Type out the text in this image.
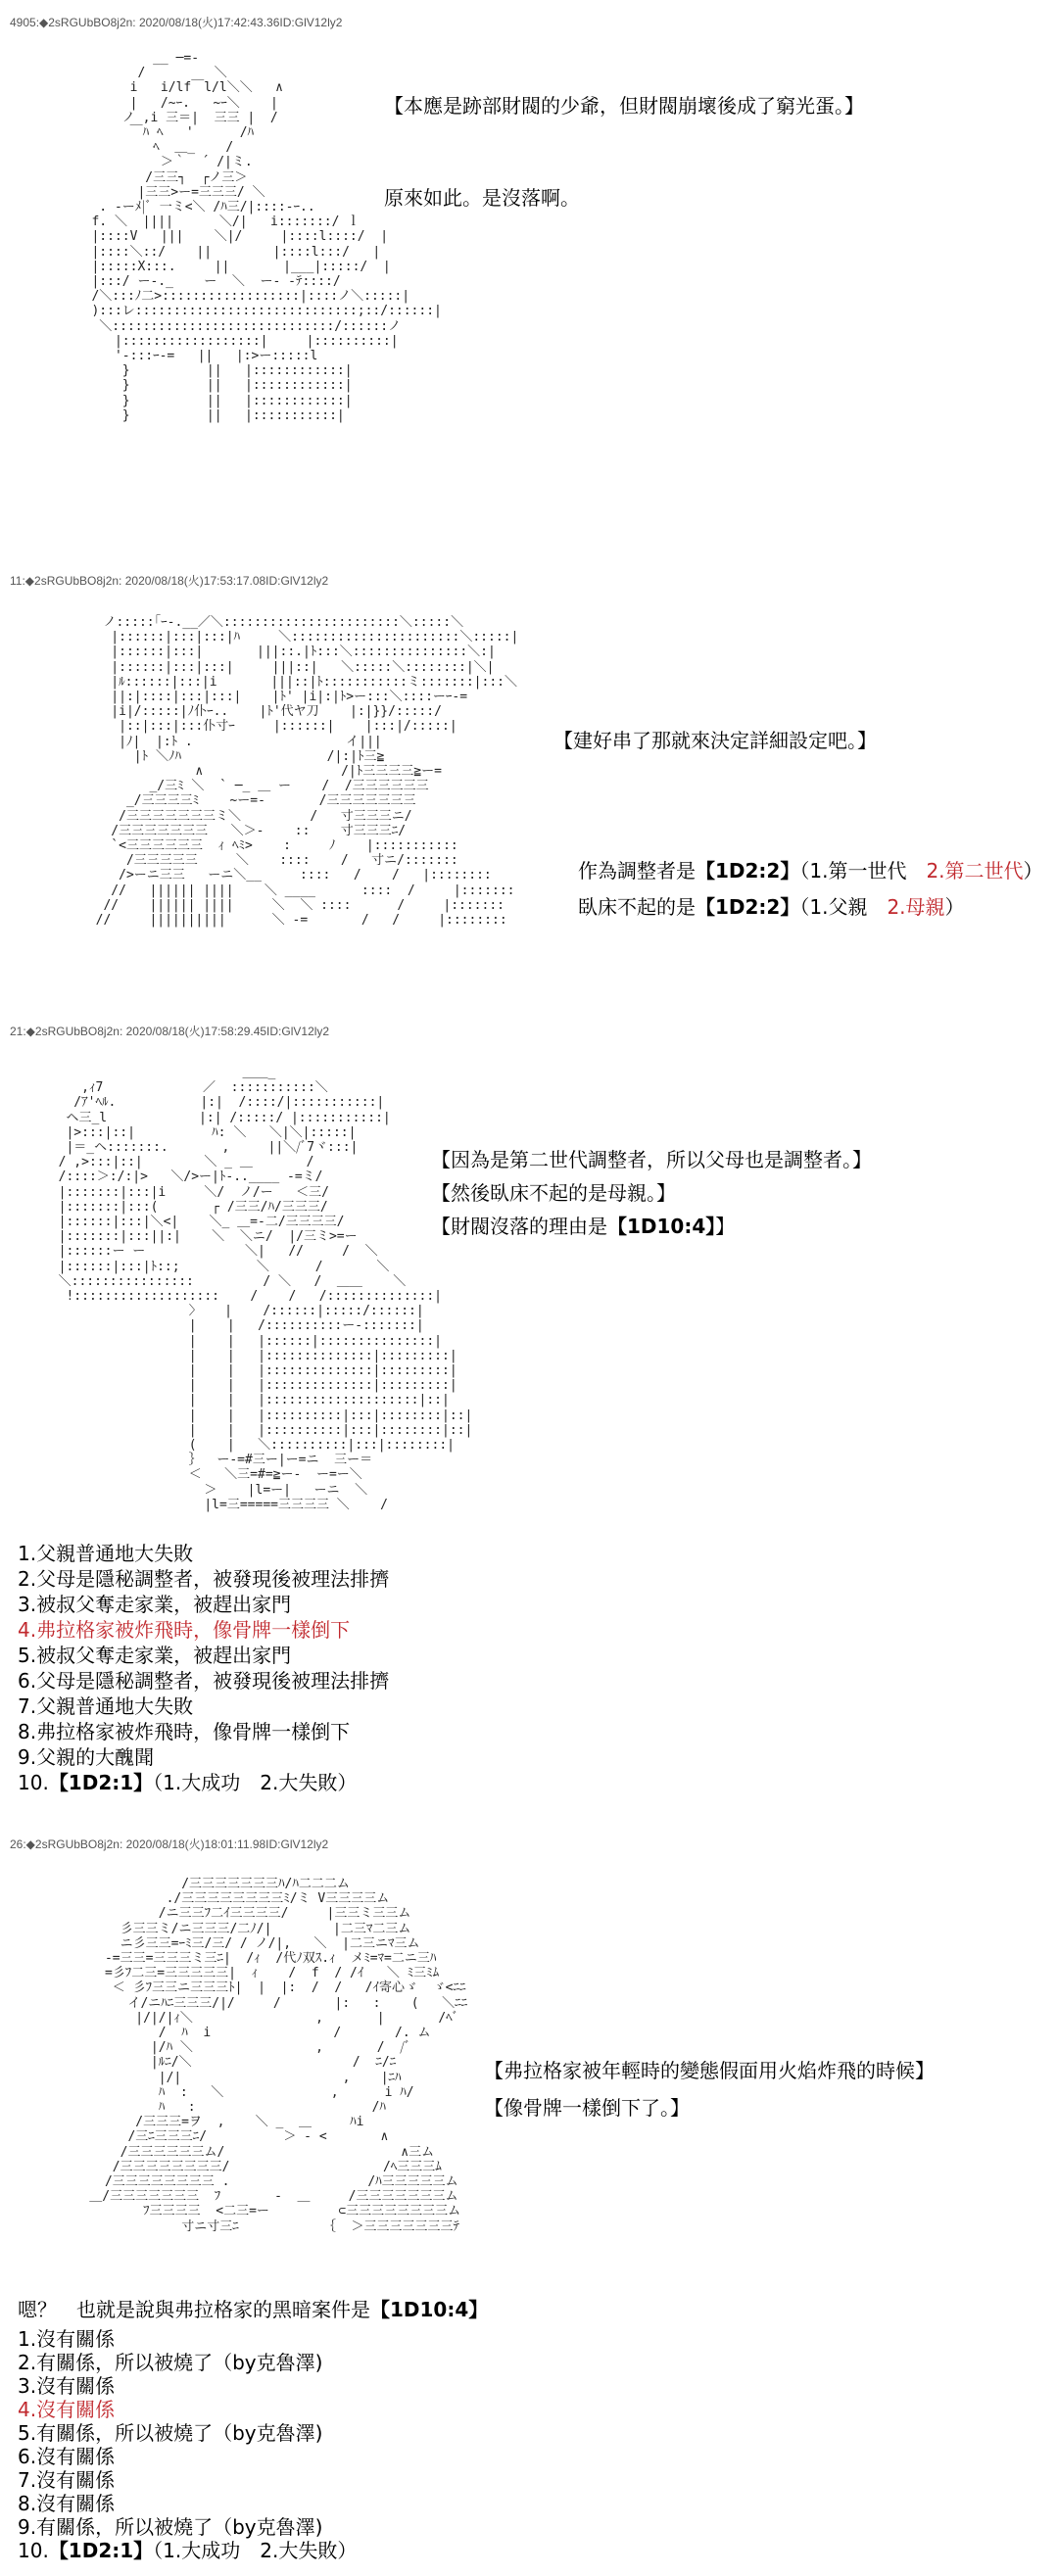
4905:◆2sRGUbBO8j2n: 2020/08/18(火)17:42:43.36ID:GlV12ly2
__ ─=-
/         ＼
i   i/lf￣l/l＼＼   ∧
|   /~ｰ.   ~ｰ＼    |
ノ ,i 三＝|  三三 |  /
￣ﾊ ﾍ   '      /ﾊ
ﾍ  ＿_    /
＞｀  ´ /|ミ.
/三三┐  ┌ノ三＞
|三三>ー=三三三/ ＼
. -ーﾒ|ﾞ 一ミ<＼ /ﾊ三/|::::-ｰ..
f. ＼  ||||      ＼/|   i:::::::/ ｌ
|::::V   |||    ＼|/     |::::l::::/  |
|::::＼::/    ||        |::::l:::/   |
|:::::X:::.     ||       |___|:::::/  |
|:::/ ー-._    ー  ＼  ー‐ -ﾃ::::/
/＼:::ﾉ二>::::::::::::::::::|::::ノ＼:::::|
):::レ:::::::::::::::::::::::::::::;::/::::::|
＼:::::::::::::::::::::::::::::/::::::ノ
|::::::::::::::::::|     |::::::::::|
'-:::ｰ-=   ||   |:>ー:::::l
}          ||   |::::::::::::|
}          ||   |::::::::::::|
}          ||   |::::::::::::|
}          ||   |:::::::::::|
【本應是跡部財閥的少爺，但財閥崩壞後成了窮光蛋。】
原來如此。是沒落啊。
11:◆2sRGUbBO8j2n: 2020/08/18(火)17:53:17.08ID:GlV12ly2
ノ:::::｢ｰ-.__／＼:::::::::::::::::::::::＼:::::＼
|::::::|:::|:::|ﾊ     ＼::::::::::::::::::::::＼:::::|
|::::::|:::|       |||::.|ﾄ:::＼:::::::::::::::＼:|
|::::::|:::|:::|     |||::|   ＼:::::＼::::::::|＼|
|ﾙ::::::|:::|i       |||::|ﾄ:::::::::::ミ:::::::|:::＼
||:|::::|:::|:::|    |ﾄ' |i|:|ﾄ>ー:::＼::::ーｰ-=
|i|/:::::|ﾉ仆ｰ..    |ﾄ'代ヤ刀    |:|}}/:::::/
|::|:::|:::仆寸ｰ     |::::::|    |:::|/:::::|
|ﾉ|  |:ﾄ .                    イ|||
|ﾄ ＼ﾉﾊ                   /|:|ﾄ三≧
∧                  /|ﾄ三三三三≧ー=
_/三ﾐ ＼  ` ─_ ＿ ー    /  /三三三三三三
_/三三三三ﾐ    ~ー=-       /三三三三三三三
/三三三三三三三ミ＼         /   寸三三三ニ/
/三三三三三三三   ＼＞-    ::    寸三三三ﾆ/
`<三三三三三三  ｨ ﾍﾐ>    :     ﾉ    |:::::::::::
/三三三三三     ＼    ::::    /   寸ニ/:::::::
/>ーニ三三   ーニ＼__     ::::   /    /   |::::::::
//   |||||| ||||    ＼ ____      ::::  /     |:::::::
//    |||||| ||||     ＼  ＼ ::::      /     |:::::::
//     ||||||||||      ＼ -=       /   /     |::::::::
【建好串了那就來決定詳細設定吧。】
作為調整者是【1D2:2】（1.第一世代　2.第二世代）
臥床不起的是【1D2:2】（1.父親　2.母親）
21:◆2sRGUbBO8j2n: 2020/08/18(火)17:58:29.45ID:GlV12ly2
＿＿_
,ｨ7             ／  :::::::::::＼
/ｱ'ﾍﾙ.           |:|  /::::/|:::::::::::|
ヘ三_l            |:| /:::::/ |:::::::::::|
|>:::|::|          ﾊ: ＼   ＼|＼|:::::|
|＝_ヘ:::::::.       ,     ||＼/ﾞ7ヾ:::|
/ ,>:::|::|        ＼ _ ＿       /
/::::＞:/:|>   ＼/>ー|ﾄ-..____ -=ミ/
|:::::::|:::|i     ＼/  ノ/ー   ＜三/
|:::::::|:::(       ┌ /三三/ﾊ/三三三/
|::::::|:::|＼<|    ＼_ ＿=-二/三三三三/
|:::::::|:::||:|    ＼  ＼ニ/  |/三ミ>=ー
|::::::ー ー             ＼|   //     /  ＼
|::::::|:::|ﾄ::;          ＼      /       ＼
＼::::::::::::::::         / ＼   /  ＿＿    ＼
!:::::::::::::::::::    /    /   /::::::::::::::|
〉   |    /::::::|:::::/::::::|
|    |   /::::::::::ー-:::::::|
|    |   |::::::|:::::::::::::::|
|    |   |::::::::::::::|:::::::::|
|    |   |::::::::::::::|:::::::::|
|    |   |::::::::::::::|:::::::::|
|    |   |::::::::::::::::::::|::|
|    |   |::::::::::|:::|::::::::|::|
|    |   |::::::::::|:::|::::::::|::|
(    |   ＼::::::::::|:::|::::::::|
｝  ー-=#三ー|ー=ニ  三ー＝
＜   ＼三=#=≧ー-  ー=ー＼
＞    |l=ー|   ーニ  ＼
|l=三=====三三三三 ＼    /
【因為是第二世代調整者，所以父母也是調整者。】
【然後臥床不起的是母親。】
【財閥沒落的理由是【1D10:4】】
1.父親普通地大失敗
2.父母是隱秘調整者，被發現後被理法排擠
3.被叔父奪走家業，被趕出家門
4.弗拉格家被炸飛時，像骨牌一樣倒下
5.被叔父奪走家業，被趕出家門
6.父母是隱秘調整者，被發現後被理法排擠
7.父親普通地大失敗
8.弗拉格家被炸飛時，像骨牌一樣倒下
9.父親的大醜聞
10.【1D2:1】（1.大成功　2.大失敗）
26:◆2sRGUbBO8j2n: 2020/08/18(火)18:01:11.98ID:GlV12ly2
/三三三三三三三ﾊ/ﾊ二二二ム
./三三三三三三三三ﾐ/ミ V三三三三ム
/ニ三三ﾌ二ｲ三三三三/     |三三ミ三三ム
彡三三ミ/ニ三三三/二ﾉ/|        |二三ﾏ二三ム
ニ彡三三=ｰﾐ三/三/ / ノ/|,   ＼  |二三ニﾏ三ム
-=三三=三三三ミ三ﾆ|  /ｨ  /代ﾉ双ｽ.ｨ  メﾐ=ﾏ=二ニ三ﾊ
=彡ﾌ二三=三三三三三|  ｨ    /  f  / /ｲ   ＼ ﾐ三ﾐﾑ
＜ 彡ﾌ三三ニ三三三ﾄ|  |  |:  /  /   /ｲ寄心ゞ  ゞ<ﾆﾆ
イ/ニﾊﾆ三三三/|/     /       |:   :    (   ＼ﾆﾆ
|/|/|ｨ＼                ,       |       /ﾍﾞ
/  ﾊ  i                /       /. ム
|/ﾊ ＼                ,       /  /ﾞ
|ﾙﾆ/＼                     /  ﾆ/ﾆ
|/|                     ,    |ﾆﾊ
ﾊ  :   ＼              ,      i ﾊ/
ﾊ   :                       /ﾊ
/三三三=ヲ  ,    ＼ _  ＿     ﾊi
/三ﾆ三三三ﾆ/          ＞ - <       ∧
/三三三三三三ム/                       ∧三ム
/三三三三三三三三/                    /ﾍ三三三ﾑ
/三三三三三三三三 .                  /ﾊ三三三三三ム
＿/三三三三三三三  ﾌ       -  ＿     /三三三三三三三ム
ﾌ三三三三  <二三=ー         ⊂三三三三三三三三ム
寸ニ寸三ﾆ           ｛  ＞三三三三三三三ﾃ
【弗拉格家被年輕時的變態假面用火焰炸飛的時候】
【像骨牌一樣倒下了。】
嗯？　也就是說與弗拉格家的黑暗案件是【1D10:4】
1.沒有關係
2.有關係，所以被燒了（by克魯澤)
3.沒有關係
4.沒有關係
5.有關係，所以被燒了（by克魯澤)
6.沒有關係
7.沒有關係
8.沒有關係
9.有關係，所以被燒了（by克魯澤)
10.【1D2:1】（1.大成功　2.大失敗）
